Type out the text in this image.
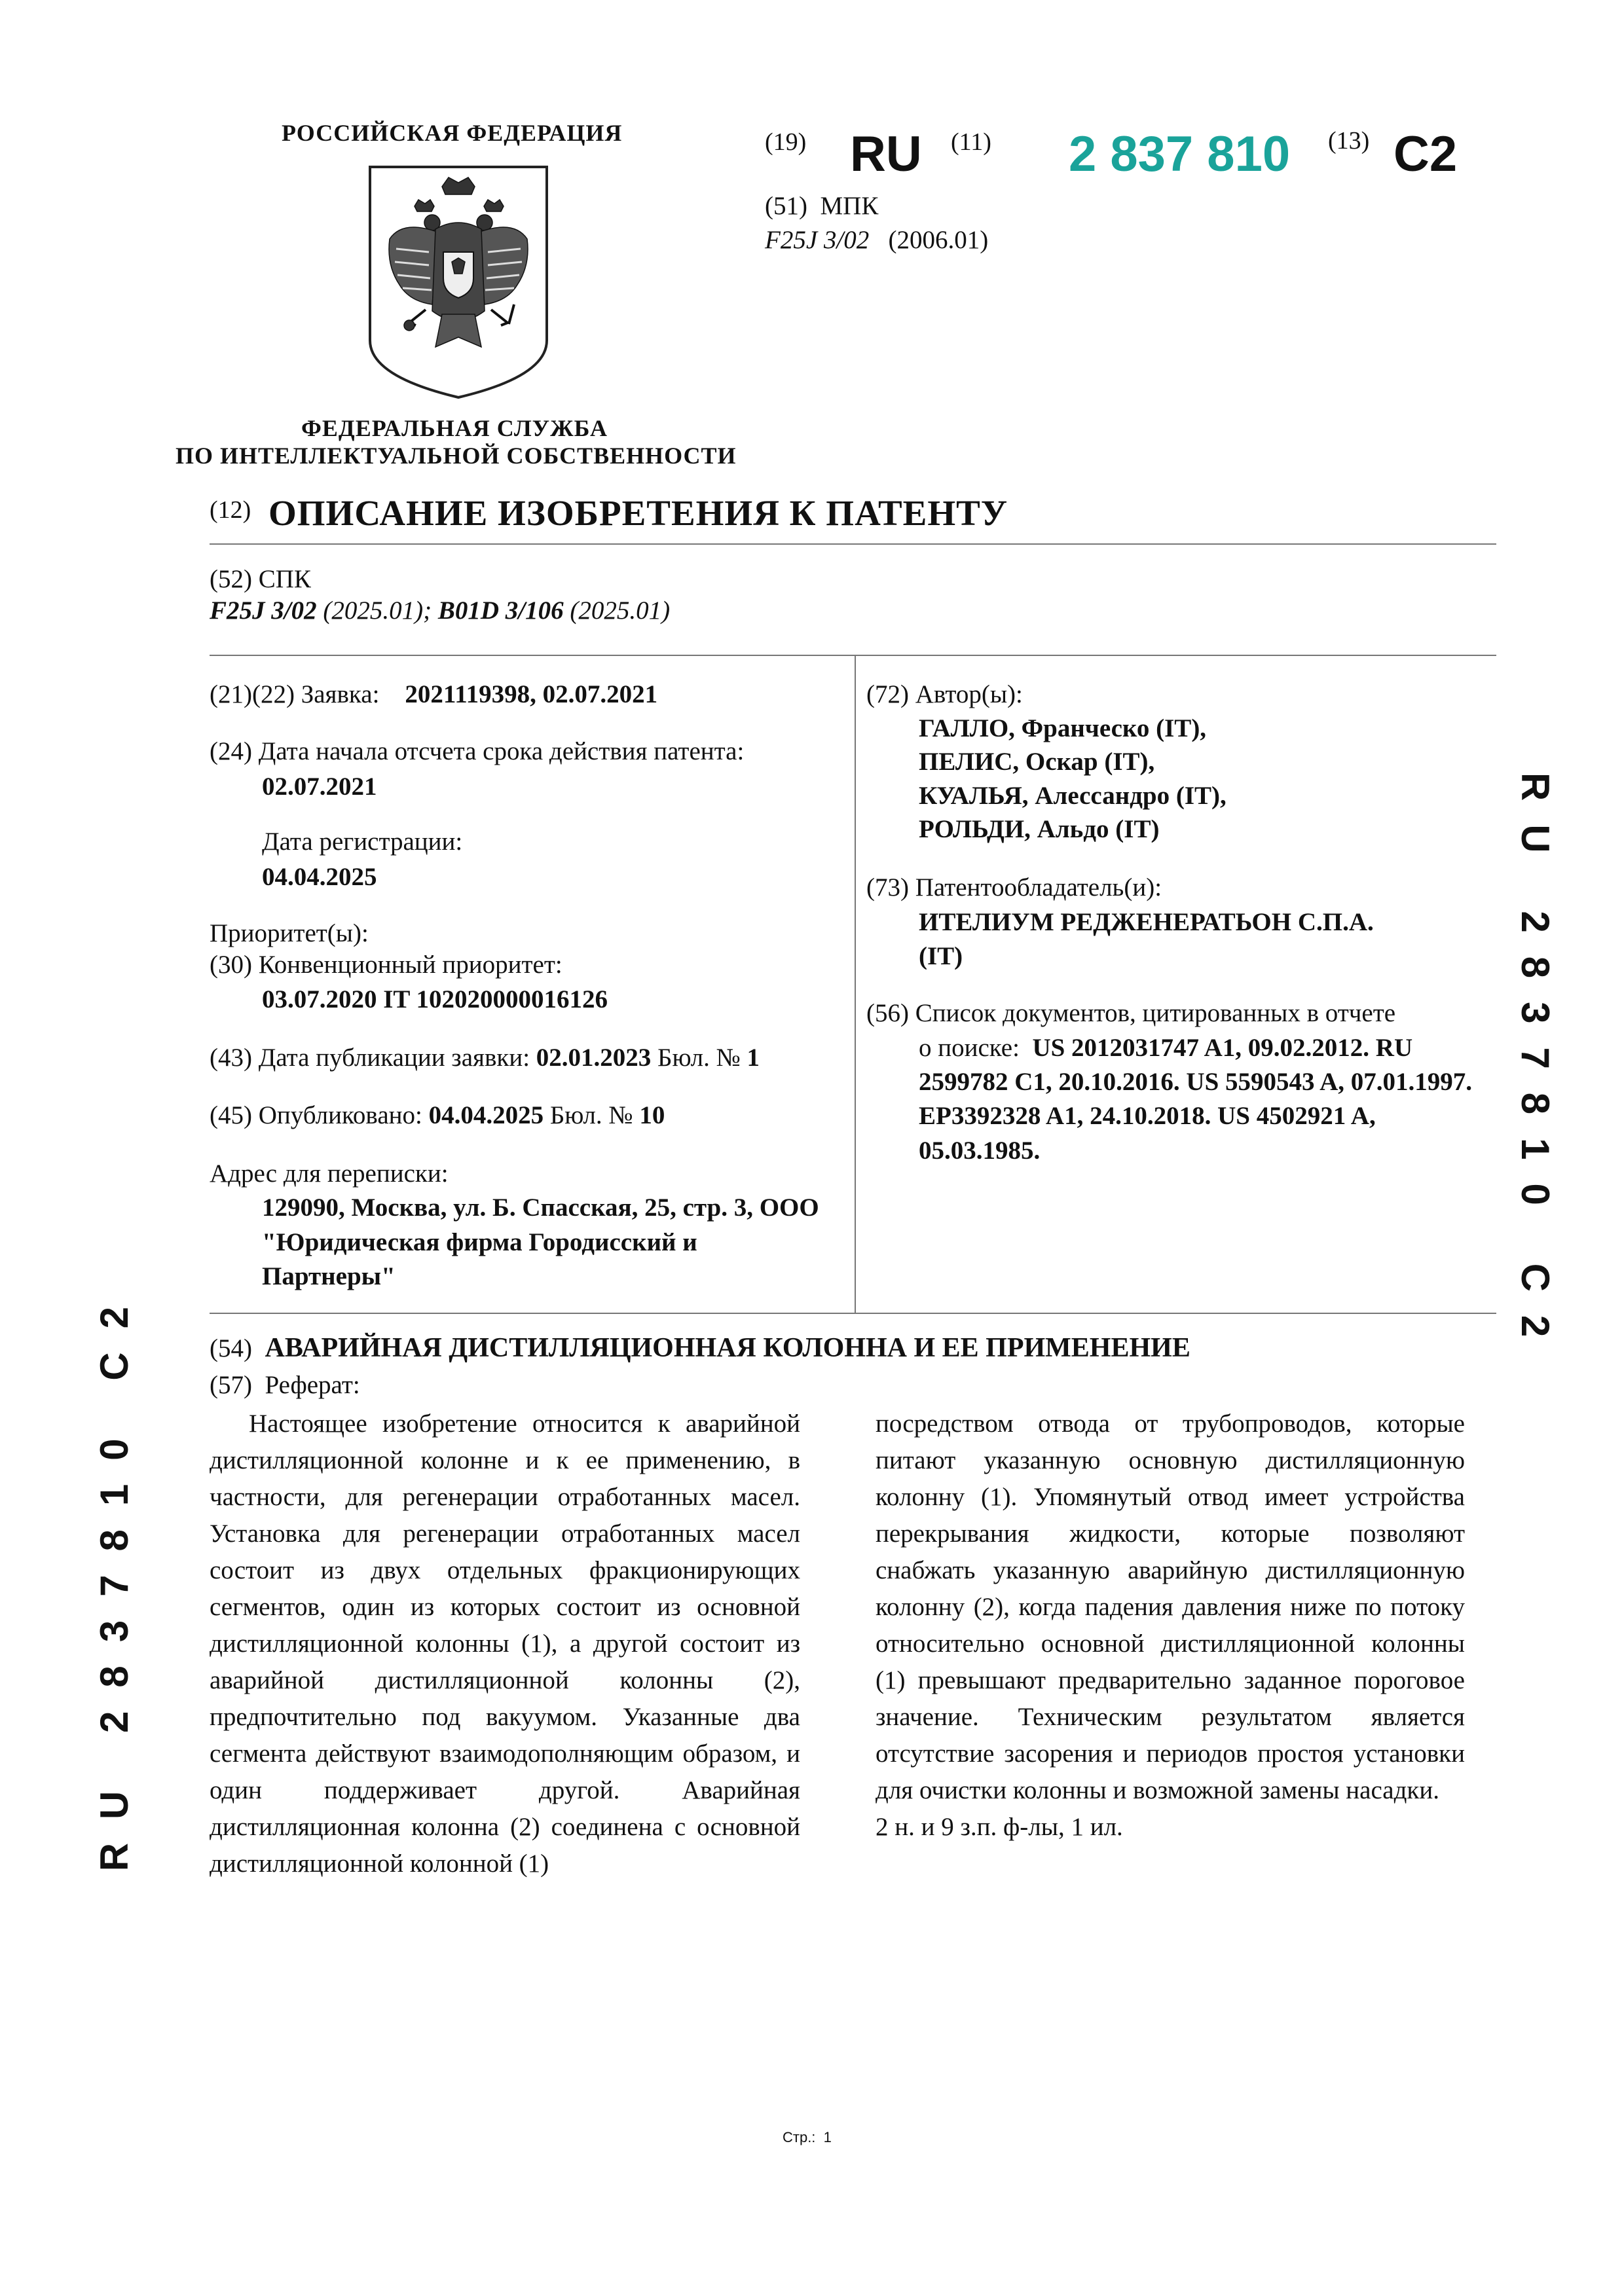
РОССИЙСКАЯ ФЕДЕРАЦИЯ
ФЕДЕРАЛЬНАЯ СЛУЖБА
ПО ИНТЕЛЛЕКТУАЛЬНОЙ СОБСТВЕННОСТИ
(19) RU (11) 2 837 810 (13) C2
(51) МПК
F25J 3/02 (2006.01)
(12) ОПИСАНИЕ ИЗОБРЕТЕНИЯ К ПАТЕНТУ
(52) СПК
F25J 3/02 (2025.01); B01D 3/106 (2025.01)
(21)(22) Заявка: 2021119398, 02.07.2021
(24) Дата начала отсчета срока действия патента:
02.07.2021
Дата регистрации:
04.04.2025
Приоритет(ы):
(30) Конвенционный приоритет:
03.07.2020 IT 102020000016126
(43) Дата публикации заявки: 02.01.2023 Бюл. № 1
(45) Опубликовано: 04.04.2025 Бюл. № 10
Адрес для переписки:
129090, Москва, ул. Б. Спасская, 25, стр. 3, ООО
"Юридическая фирма Городисский и
Партнеры"
(72) Автор(ы):
ГАЛЛО, Франческо (IT),
ПЕЛИС, Оскар (IT),
КУАЛЬЯ, Алессандро (IT),
РОЛЬДИ, Альдо (IT)
(73) Патентообладатель(и):
ИТЕЛИУМ РЕДЖЕНЕРАТЬОН С.П.А.
(IT)
(56) Список документов, цитированных в отчете
о поиске: US 2012031747 A1, 09.02.2012. RU
2599782 C1, 20.10.2016. US 5590543 A, 07.01.1997.
EP3392328 A1, 24.10.2018. US 4502921 A,
05.03.1985.	RU 2837810 C2
RU 2837810 C2	(54) АВАРИЙНАЯ ДИСТИЛЛЯЦИОННАЯ КОЛОННА И ЕЕ ПРИМЕНЕНИЕ
(57) Реферат:
Настоящее изобретение относится к аварийной дистилляционной колонне и к ее применению, в частности, для регенерации отработанных масел. Установка для регенерации отработанных масел состоит из двух отдельных фракционирующих сегментов, один из которых состоит из основной дистилляционной колонны (1), а другой состоит из аварийной дистилляционной колонны (2), предпочтительно под вакуумом. Указанные два сегмента действуют взаимодополняющим образом, и один поддерживает другой. Аварийная дистилляционная колонна (2) соединена с основной дистилляционной колонной (1)
посредством отвода от трубопроводов, которые питают указанную основную дистилляционную колонну (1). Упомянутый отвод имеет устройства перекрывания жидкости, которые позволяют снабжать указанную аварийную дистилляционную колонну (2), когда падения давления ниже по потоку относительно основной дистилляционной колонны (1) превышают предварительно заданное пороговое значение. Техническим результатом является отсутствие засорения и периодов простоя установки для очистки колонны и возможной замены насадки.
2 н. и 9 з.п. ф-лы, 1 ил.
Стр.: 1
